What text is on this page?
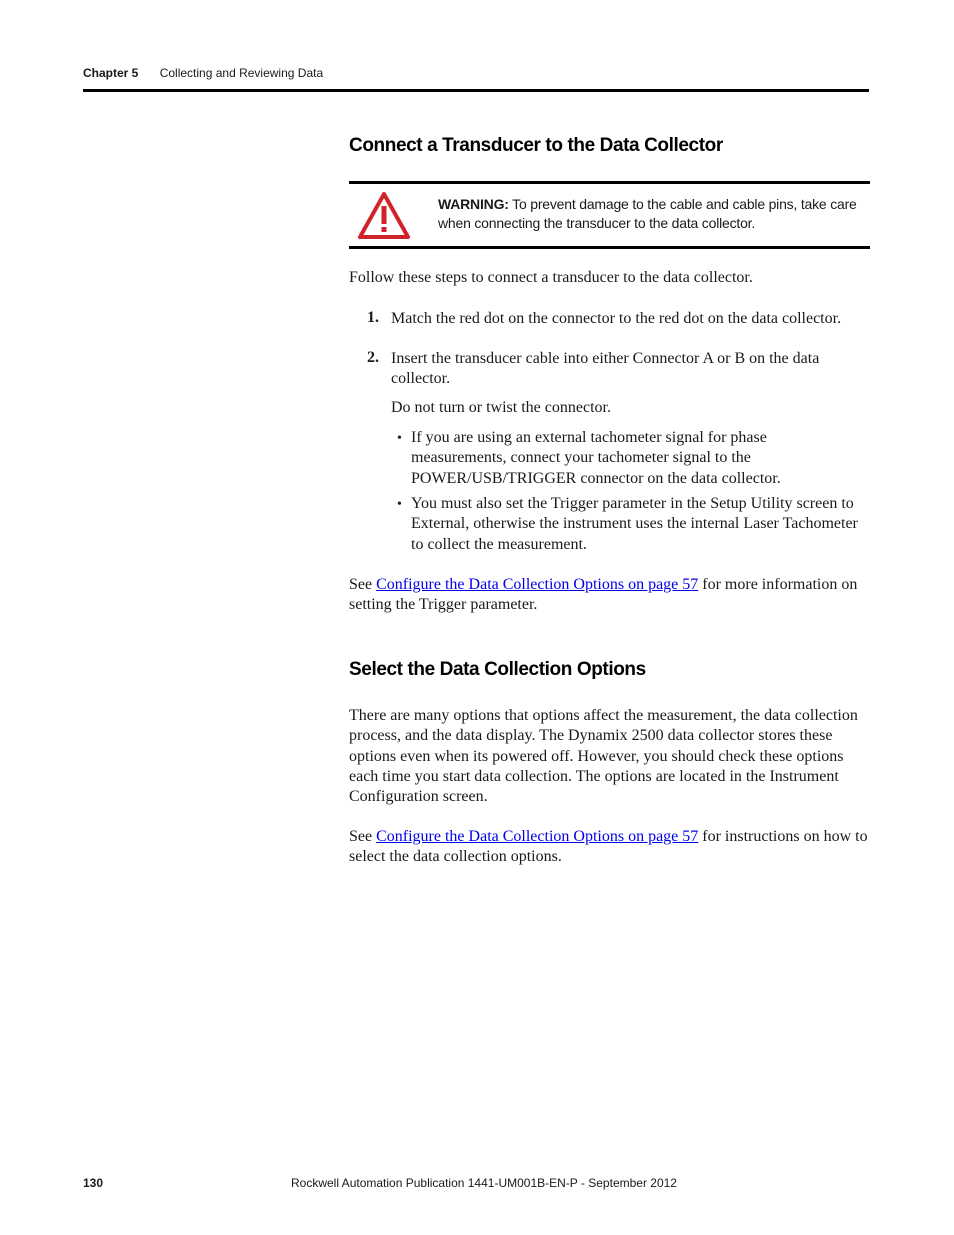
Chapter 5 Collecting and Reviewing Data
Connect a Transducer to the Data Collector
WARNING: To prevent damage to the cable and cable pins, take care when connecting the transducer to the data collector.

Follow these steps to connect a transducer to the data collector.

1. Match the red dot on the connector to the red dot on the data collector.

2. Insert the transducer cable into either Connector A or B on the data collector.

Do not turn or twist the connector.

• If you are using an external tachometer signal for phase measurements, connect your tachometer signal to the POWER/USB/TRIGGER connector on the data collector.

• You must also set the Trigger parameter in the Setup Utility screen to External, otherwise the instrument uses the internal Laser Tachometer to collect the measurement.

See Configure the Data Collection Options on page 57 for more information on setting the Trigger parameter.

Select the Data Collection Options

There are many options that options affect the measurement, the data collection process, and the data display. The Dynamix 2500 data collector stores these options even when its powered off. However, you should check these options each time you start data collection. The options are located in the Instrument Configuration screen.

See Configure the Data Collection Options on page 57 for instructions on how to select the data collection options.

130	Rockwell Automation Publication 1441-UM001B-EN-P - September 2012
